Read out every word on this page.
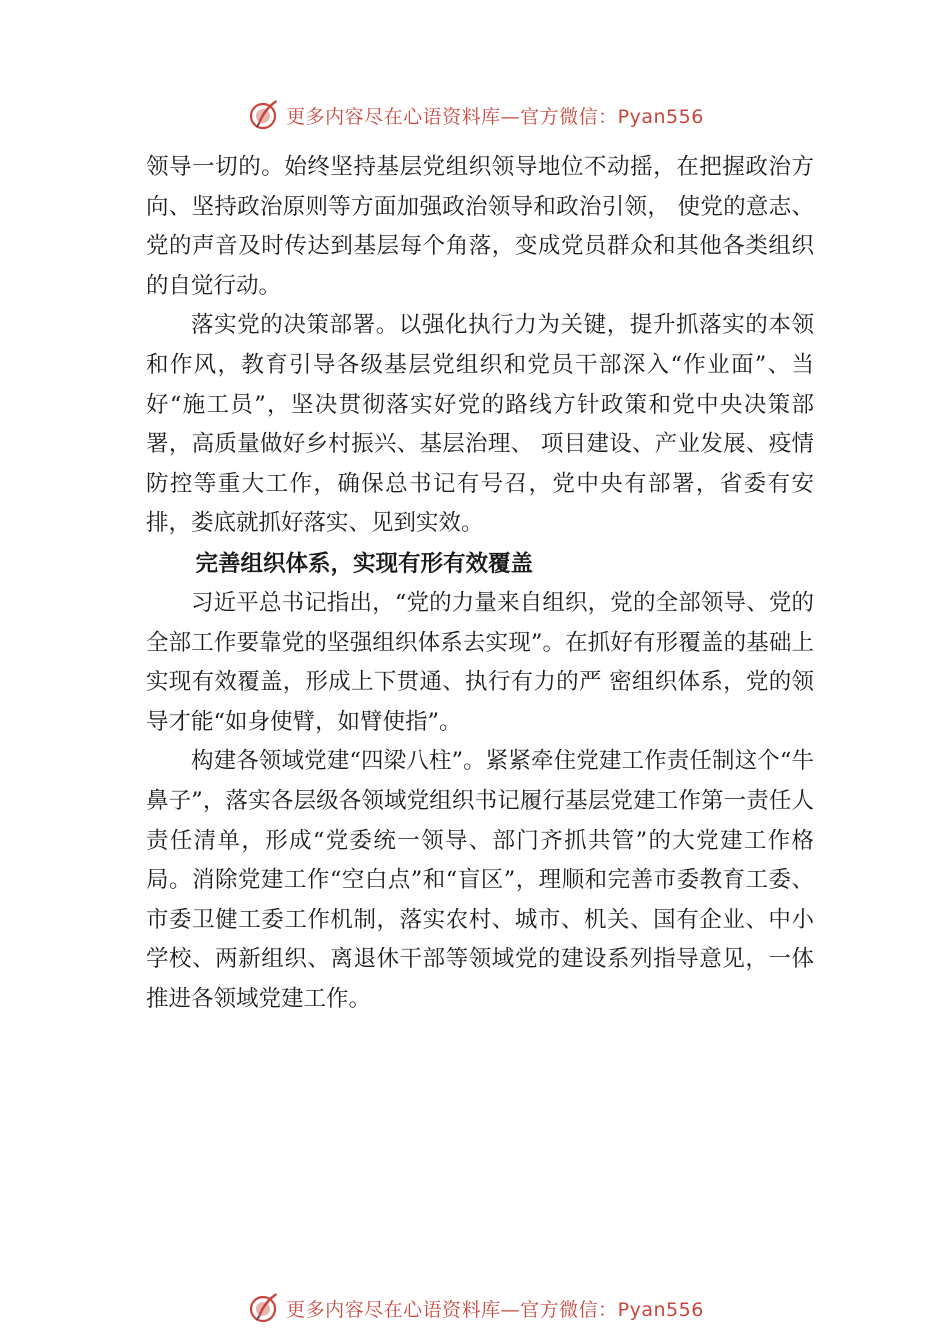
更多内容尽在心语资料库—官方微信：Pyan556

领导一切的。始终坚持基层党组织领导地位不动摇，在把握政治方向、坚持政治原则等方面加强政治领导和政治引领， 使党的意志、党的声音及时传达到基层每个角落，变成党员群众和其他各类组织的自觉行动。

落实党的决策部署。以强化执行力为关键，提升抓落实的本领和作风，教育引导各级基层党组织和党员干部深入“作业面”、当好“施工员”，坚决贯彻落实好党的路线方针政策和党中央决策部署，高质量做好乡村振兴、基层治理、 项目建设、产业发展、疫情防控等重大工作，确保总书记有号召，党中央有部署，省委有安排，娄底就抓好落实、见到实效。

完善组织体系，实现有形有效覆盖

习近平总书记指出，“党的力量来自组织，党的全部领导、党的全部工作要靠党的坚强组织体系去实现”。在抓好有形覆盖的基础上实现有效覆盖，形成上下贯通、执行有力的严 密组织体系，党的领导才能“如身使臂，如臂使指”。

构建各领域党建“四梁八柱”。紧紧牵住党建工作责任制这个“牛鼻子”，落实各层级各领域党组织书记履行基层党建工作第一责任人责任清单，形成“党委统一领导、部门齐抓共管”的大党建工作格局。消除党建工作“空白点”和“盲区”，理顺和完善市委教育工委、市委卫健工委工作机制，落实农村、城市、机关、国有企业、中小学校、两新组织、离退休干部等领域党的建设系列指导意见，一体推进各领域党建工作。

更多内容尽在心语资料库—官方微信：Pyan556
